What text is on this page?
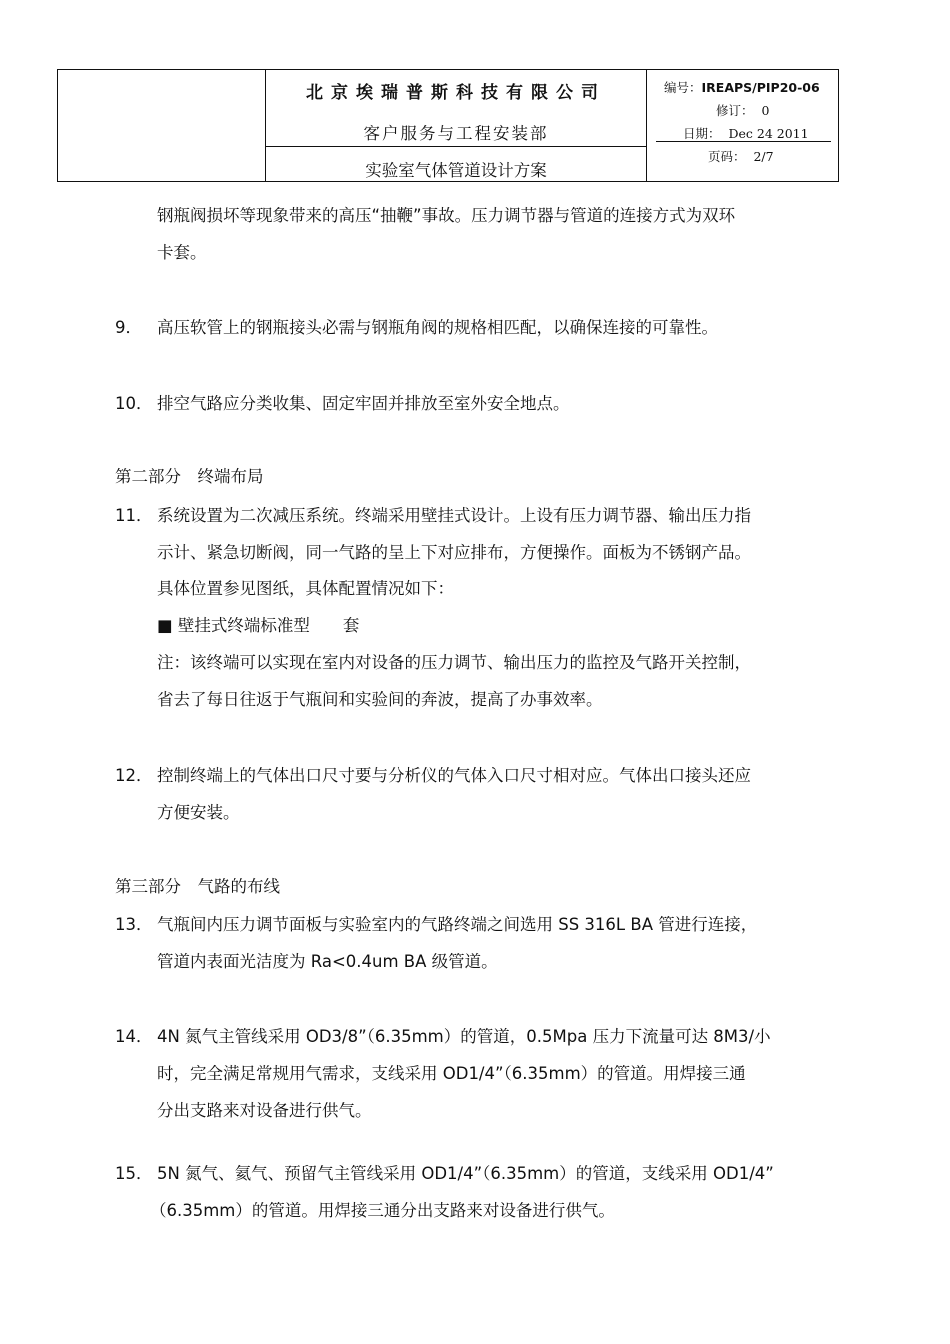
北京埃瑞普斯科技有限公司
客户服务与工程安装部
实验室气体管道设计方案
编号：IREAPS/PIP20-06
修订： 0
日期： Dec 24 2011
页码： 2/7
钢瓶阀损坏等现象带来的高压“抽鞭”事故。压力调节器与管道的连接方式为双环
卡套。
9． 高压软管上的钢瓶接头必需与钢瓶角阀的规格相匹配，以确保连接的可靠性。
10． 排空气路应分类收集、固定牢固并排放至室外安全地点。
第二部分　终端布局
11． 系统设置为二次减压系统。终端采用壁挂式设计。上设有压力调节器、输出压力指
示计、紧急切断阀，同一气路的呈上下对应排布，方便操作。面板为不锈钢产品。
具体位置参见图纸，具体配置情况如下：
■ 壁挂式终端标准型　　套
注：该终端可以实现在室内对设备的压力调节、输出压力的监控及气路开关控制，
省去了每日往返于气瓶间和实验间的奔波，提高了办事效率。
12． 控制终端上的气体出口尺寸要与分析仪的气体入口尺寸相对应。气体出口接头还应
方便安装。
第三部分　气路的布线
13． 气瓶间内压力调节面板与实验室内的气路终端之间选用 SS 316L BA 管进行连接，
管道内表面光洁度为 Ra<0.4um BA 级管道。
14． 4N 氮气主管线采用 OD3/8”（6.35mm）的管道，0.5Mpa 压力下流量可达 8M3/小
时，完全满足常规用气需求，支线采用 OD1/4”（6.35mm）的管道。用焊接三通
分出支路来对设备进行供气。
15． 5N 氮气、氦气、预留气主管线采用 OD1/4”（6.35mm）的管道，支线采用 OD1/4”
（6.35mm）的管道。用焊接三通分出支路来对设备进行供气。
